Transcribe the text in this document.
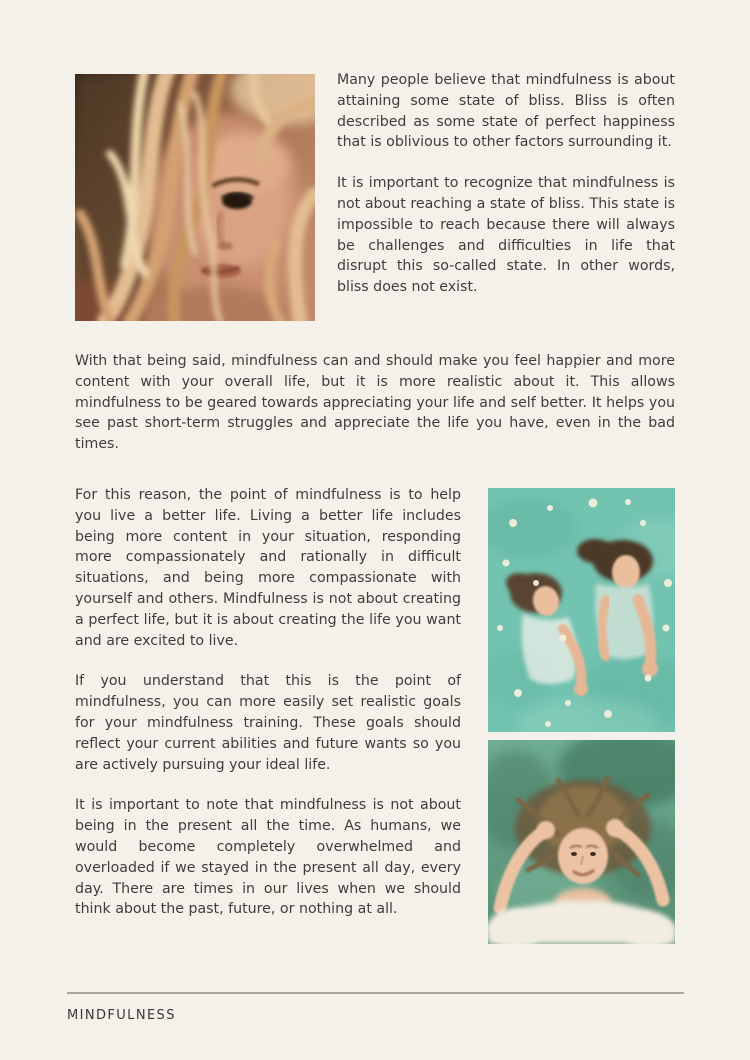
Many people believe that mindfulness is about attaining some state of bliss. Bliss is often described as some state of perfect happiness that is oblivious to other factors surrounding it.

It is important to recognize that mindfulness is not about reaching a state of bliss. This state is impossible to reach because there will always be challenges and difficulties in life that disrupt this so-called state. In other words, bliss does not exist.

With that being said, mindfulness can and should make you feel happier and more content with your overall life, but it is more realistic about it. This allows mindfulness to be geared towards appreciating your life and self better. It helps you see past short-term struggles and appreciate the life you have, even in the bad times.

For this reason, the point of mindfulness is to help you live a better life. Living a better life includes being more content in your situation, responding more compassionately and rationally in difficult situations, and being more compassionate with yourself and others. Mindfulness is not about creating a perfect life, but it is about creating the life you want and are excited to live.

If you understand that this is the point of mindfulness, you can more easily set realistic goals for your mindfulness training. These goals should reflect your current abilities and future wants so you are actively pursuing your ideal life.

It is important to note that mindfulness is not about being in the present all the time. As humans, we would become completely overwhelmed and overloaded if we stayed in the present all day, every day. There are times in our lives when we should think about the past, future, or nothing at all.

MINDFULNESS
